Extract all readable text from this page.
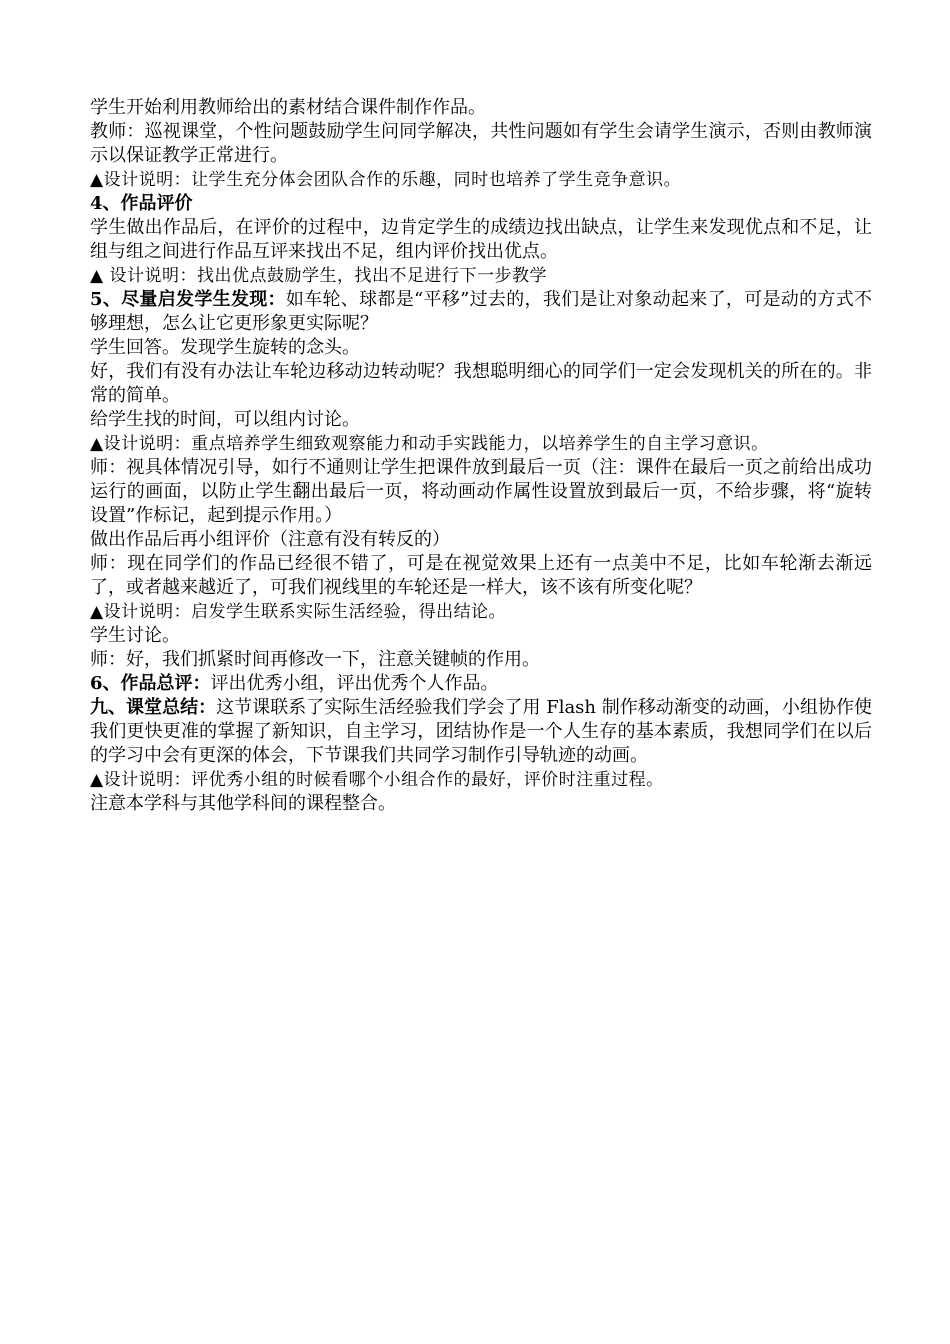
学生开始利用教师给出的素材结合课件制作作品。

教师：巡视课堂，个性问题鼓励学生问同学解决，共性问题如有学生会请学生演示，否则由教师演示以保证教学正常进行。

▲设计说明：让学生充分体会团队合作的乐趣，同时也培养了学生竞争意识。

4、作品评价

学生做出作品后，在评价的过程中，边肯定学生的成绩边找出缺点，让学生来发现优点和不足，让组与组之间进行作品互评来找出不足，组内评价找出优点。

▲ 设计说明：找出优点鼓励学生，找出不足进行下一步教学

5、尽量启发学生发现：如车轮、球都是“平移”过去的，我们是让对象动起来了，可是动的方式不够理想，怎么让它更形象更实际呢？

学生回答。发现学生旋转的念头。

好，我们有没有办法让车轮边移动边转动呢？我想聪明细心的同学们一定会发现机关的所在的。非常的简单。

给学生找的时间，可以组内讨论。

▲设计说明：重点培养学生细致观察能力和动手实践能力，以培养学生的自主学习意识。

师：视具体情况引导，如行不通则让学生把课件放到最后一页（注：课件在最后一页之前给出成功运行的画面，以防止学生翻出最后一页，将动画动作属性设置放到最后一页，不给步骤，将“旋转设置”作标记，起到提示作用。）

做出作品后再小组评价（注意有没有转反的）

师：现在同学们的作品已经很不错了，可是在视觉效果上还有一点美中不足，比如车轮渐去渐远了，或者越来越近了，可我们视线里的车轮还是一样大，该不该有所变化呢？

▲设计说明：启发学生联系实际生活经验，得出结论。

学生讨论。

师：好，我们抓紧时间再修改一下，注意关键帧的作用。

6、作品总评：评出优秀小组，评出优秀个人作品。

九、课堂总结：这节课联系了实际生活经验我们学会了用 Flash 制作移动渐变的动画，小组协作使我们更快更准的掌握了新知识，自主学习，团结协作是一个人生存的基本素质，我想同学们在以后的学习中会有更深的体会，下节课我们共同学习制作引导轨迹的动画。

▲设计说明：评优秀小组的时候看哪个小组合作的最好，评价时注重过程。

注意本学科与其他学科间的课程整合。
